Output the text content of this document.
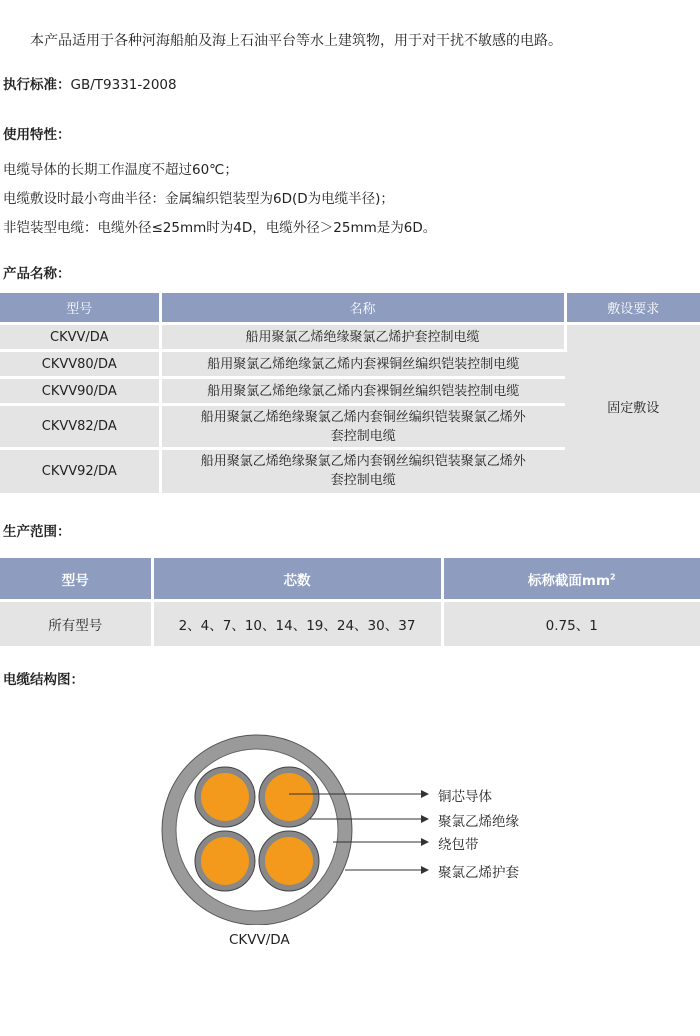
本产品适用于各种河海船舶及海上石油平台等水上建筑物，用于对干扰不敏感的电路。
执行标准：GB/T9331-2008
使用特性：
电缆导体的长期工作温度不超过60℃；
电缆敷设时最小弯曲半径：金属编织铠装型为6D(D为电缆半径)；
非铠装型电缆：电缆外径≤25mm时为4D，电缆外径＞25mm是为6D。
产品名称：
型号	名称	敷设要求
CKVV/DA	船用聚氯乙烯绝缘聚氯乙烯护套控制电缆	固定敷设
CKVV80/DA	船用聚氯乙烯绝缘氯乙烯内套裸铜丝编织铠装控制电缆	
CKVV90/DA	船用聚氯乙烯绝缘氯乙烯内套裸铜丝编织铠装控制电缆	
CKVV82/DA	船用聚氯乙烯绝缘聚氯乙烯内套铜丝编织铠装聚氯乙烯外
套控制电缆	

CKVV92/DA	船用聚氯乙烯绝缘聚氯乙烯内套钢丝编织铠装聚氯乙烯外
套控制电缆	
生产范围：
型号	芯数	标称截面$mm^2$
所有型号	2、4、7、10、14、19、24、30、37	0.75、1
电缆结构图：
铜芯导体
聚氯乙烯绝缘
绕包带
聚氯乙烯护套
CKVV/DA
